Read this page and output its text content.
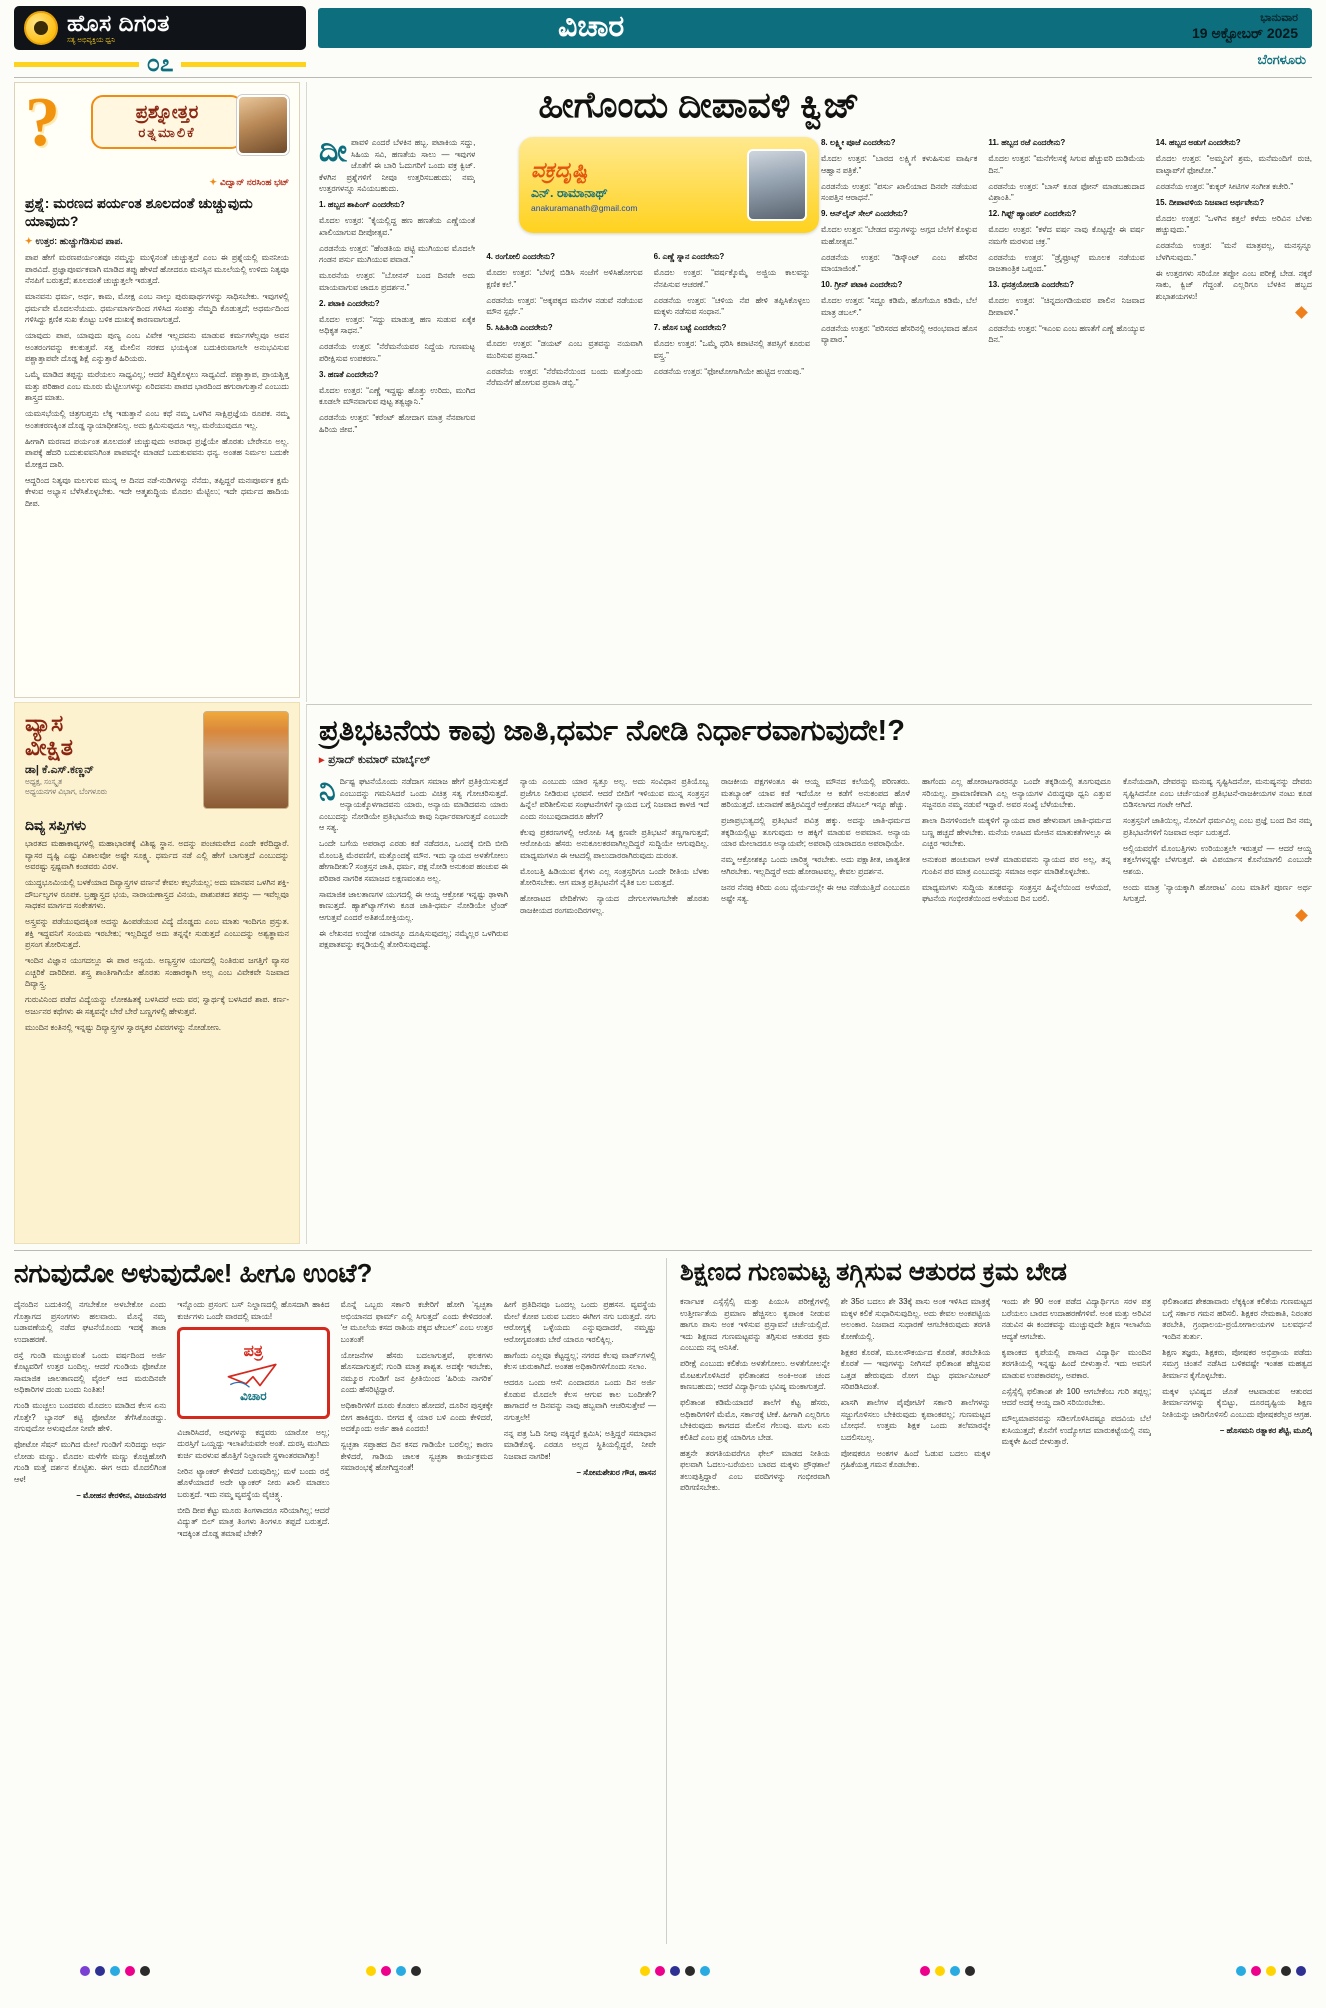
ಹೊಸ ದಿಗಂತ
ಸತ್ಯ ಅಭಿವ್ಯಕ್ತಿಯ ಧ್ವನಿ
೦೭
ವಿಚಾರ	ಭಾನುವಾರ
19 ಅಕ್ಟೋಬರ್ 2025
ಬೆಂಗಳೂರು
?	ಪ್ರಶ್ನೋತ್ತರ
ರತ್ನಮಾಲಿಕೆ
✦ ವಿದ್ವಾನ್ ನರಸಿಂಹ ಭಟ್
ಪ್ರಶ್ನೆ: ಮರಣದ ಪರ್ಯಂತ ಶೂಲದಂತೆ ಚುಚ್ಚುವುದು ಯಾವುದು?

✦ ಉತ್ತರ: ಹುಚ್ಚುಗೆಡಿಸುವ ಪಾಪ.

ಪಾಪ ಹೇಗೆ ಮರಣಪರ್ಯಂತವೂ ನಮ್ಮನ್ನು ಮುಳ್ಳಿನಂತೆ ಚುಚ್ಚುತ್ತದೆ ಎಂಬ ಈ ಪ್ರಶ್ನೆಯಲ್ಲಿ ಮನನೀಯ ಪಾಠವಿದೆ. ಪ್ರಜ್ಞಾಪೂರ್ವಕವಾಗಿ ಮಾಡಿದ ತಪ್ಪು ಹೇಳದೆ ಹೋದರೂ ಮನಸ್ಸಿನ ಮೂಲೆಯಲ್ಲಿ ಉಳಿದು ನಿತ್ಯವೂ ನೆನಪಿಗೆ ಬರುತ್ತದೆ; ಶೂಲದಂತೆ ಚುಚ್ಚುತ್ತಲೇ ಇರುತ್ತದೆ.

ಮಾನವನು ಧರ್ಮ, ಅರ್ಥ, ಕಾಮ, ಮೋಕ್ಷ ಎಂಬ ನಾಲ್ಕು ಪುರುಷಾರ್ಥಗಳನ್ನು ಸಾಧಿಸಬೇಕು. ಇವುಗಳಲ್ಲಿ ಧರ್ಮವೇ ಮೊದಲನೆಯದು. ಧರ್ಮಮಾರ್ಗದಿಂದ ಗಳಿಸಿದ ಸಂಪತ್ತು ನೆಮ್ಮದಿ ಕೊಡುತ್ತದೆ; ಅಧರ್ಮದಿಂದ ಗಳಿಸಿದ್ದು ಕ್ಷಣಿಕ ಸುಖ ಕೊಟ್ಟು ಬಳಿಕ ದುಃಖಕ್ಕೆ ಕಾರಣವಾಗುತ್ತದೆ.

ಯಾವುದು ಪಾಪ, ಯಾವುದು ಪುಣ್ಯ ಎಂಬ ವಿವೇಕ ಇಲ್ಲದವನು ಮಾಡುವ ಕರ್ಮಗಳೆಲ್ಲವೂ ಅವನ ಅಂತರಂಗವನ್ನು ಕಲಕುತ್ತವೆ. ಸತ್ತ ಮೇಲಿನ ನರಕದ ಭಯಕ್ಕಿಂತ ಬದುಕಿರುವಾಗಲೇ ಅನುಭವಿಸುವ ಪಶ್ಚಾತ್ತಾಪವೇ ದೊಡ್ಡ ಶಿಕ್ಷೆ ಎನ್ನುತ್ತಾರೆ ಹಿರಿಯರು.

ಒಮ್ಮೆ ಮಾಡಿದ ತಪ್ಪನ್ನು ಮರೆಯಲು ಸಾಧ್ಯವಿಲ್ಲ; ಆದರೆ ತಿದ್ದಿಕೊಳ್ಳಲು ಸಾಧ್ಯವಿದೆ. ಪಶ್ಚಾತ್ತಾಪ, ಪ್ರಾಯಶ್ಚಿತ್ತ ಮತ್ತು ಪರಿಹಾರ ಎಂಬ ಮೂರು ಮೆಟ್ಟಿಲುಗಳನ್ನು ಏರಿದವನು ಪಾಪದ ಭಾರದಿಂದ ಹಗುರಾಗುತ್ತಾನೆ ಎಂಬುದು ಶಾಸ್ತ್ರದ ಮಾತು.

ಯಮಸಭೆಯಲ್ಲಿ ಚಿತ್ರಗುಪ್ತನು ಲೆಕ್ಕ ಇಡುತ್ತಾನೆ ಎಂಬ ಕಥೆ ನಮ್ಮ ಒಳಗಿನ ಸಾಕ್ಷಿಪ್ರಜ್ಞೆಯ ರೂಪಕ. ನಮ್ಮ ಅಂತಃಕರಣಕ್ಕಿಂತ ದೊಡ್ಡ ನ್ಯಾಯಾಧೀಶನಿಲ್ಲ. ಅದು ಕ್ಷಮಿಸುವುದೂ ಇಲ್ಲ, ಮರೆಯುವುದೂ ಇಲ್ಲ.

ಹೀಗಾಗಿ ಮರಣದ ಪರ್ಯಂತ ಶೂಲದಂತೆ ಚುಚ್ಚುವುದು ಅಪರಾಧ ಪ್ರಜ್ಞೆಯೇ ಹೊರತು ಬೇರೇನೂ ಅಲ್ಲ. ಪಾಪಕ್ಕೆ ಹೆದರಿ ಬದುಕುವವನಿಗಿಂತ ಪಾಪವನ್ನೇ ಮಾಡದೆ ಬದುಕುವವನು ಧನ್ಯ. ಅಂತಹ ನಿರ್ಮಲ ಬದುಕೇ ಮೋಕ್ಷದ ದಾರಿ.

ಆದ್ದರಿಂದ ನಿತ್ಯವೂ ಮಲಗುವ ಮುನ್ನ ಆ ದಿನದ ನಡೆ-ನುಡಿಗಳನ್ನು ನೆನೆದು, ತಪ್ಪಿದ್ದರೆ ಮನಃಪೂರ್ವಕ ಕ್ಷಮೆ ಕೇಳುವ ಅಭ್ಯಾಸ ಬೆಳೆಸಿಕೊಳ್ಳಬೇಕು. ಇದೇ ಆತ್ಮಶುದ್ಧಿಯ ಮೊದಲ ಮೆಟ್ಟಿಲು; ಇದೇ ಧರ್ಮದ ಹಾದಿಯ ದೀಪ.

ವ್ಯಾಸ
ವೀಕ್ಷಿತ
ಡಾ| ಕೆ.ಎಸ್.ಕಣ್ಣನ್
ಅಧ್ಯಕ್ಷ, ಸಂಸ್ಕೃತ
ಅಧ್ಯಯನಗಳ ವಿಭಾಗ, ಬೆಂಗಳೂರು
ದಿವ್ಯ ಸಪ್ತಿಗಳು

ಭಾರತದ ಮಹಾಕಾವ್ಯಗಳಲ್ಲಿ ಮಹಾಭಾರತಕ್ಕೆ ವಿಶಿಷ್ಟ ಸ್ಥಾನ. ಅದನ್ನು ಪಂಚಮವೇದ ಎಂದೇ ಕರೆದಿದ್ದಾರೆ. ವ್ಯಾಸರ ದೃಷ್ಟಿ ಎಷ್ಟು ವಿಶಾಲವೋ ಅಷ್ಟೇ ಸೂಕ್ಷ್ಮ. ಧರ್ಮದ ನಡೆ ಎಲ್ಲಿ ಹೇಗೆ ಬಾಗುತ್ತದೆ ಎಂಬುದನ್ನು ಅವರಷ್ಟು ಸ್ಪಷ್ಟವಾಗಿ ಕಂಡವರು ವಿರಳ.

ಯುದ್ಧಭೂಮಿಯಲ್ಲಿ ಬಳಕೆಯಾದ ದಿವ್ಯಾಸ್ತ್ರಗಳ ವರ್ಣನೆ ಕೇವಲ ಕಲ್ಪನೆಯಲ್ಲ; ಅದು ಮಾನವನ ಒಳಗಿನ ಶಕ್ತಿ-ದೌರ್ಬಲ್ಯಗಳ ರೂಪಕ. ಬ್ರಹ್ಮಾಸ್ತ್ರದ ಭಯ, ನಾರಾಯಣಾಸ್ತ್ರದ ವಿನಯ, ಪಾಶುಪತದ ತಪಸ್ಸು — ಇವೆಲ್ಲವೂ ಸಾಧಕನ ಮಾರ್ಗದ ಸಂಕೇತಗಳು.

ಅಸ್ತ್ರವನ್ನು ಪಡೆಯುವುದಕ್ಕಿಂತ ಅದನ್ನು ಹಿಂಪಡೆಯುವ ವಿದ್ಯೆ ದೊಡ್ಡದು ಎಂಬ ಮಾತು ಇಂದಿಗೂ ಪ್ರಸ್ತುತ. ಶಕ್ತಿ ಇದ್ದವನಿಗೆ ಸಂಯಮ ಇರಬೇಕು; ಇಲ್ಲದಿದ್ದರೆ ಅದು ತನ್ನನ್ನೇ ಸುಡುತ್ತದೆ ಎಂಬುದನ್ನು ಅಶ್ವತ್ಥಾಮನ ಪ್ರಸಂಗ ತೋರಿಸುತ್ತದೆ.

ಇಂದಿನ ವಿಜ್ಞಾನ ಯುಗದಲ್ಲೂ ಈ ಪಾಠ ಅನ್ವಯ. ಅಣ್ವಸ್ತ್ರಗಳ ಯುಗದಲ್ಲಿ ನಿಂತಿರುವ ಜಗತ್ತಿಗೆ ವ್ಯಾಸರ ಎಚ್ಚರಿಕೆ ದಾರಿದೀಪ. ಶಸ್ತ್ರ ಶಾಂತಿಗಾಗಿಯೇ ಹೊರತು ಸಂಹಾರಕ್ಕಾಗಿ ಅಲ್ಲ ಎಂಬ ವಿವೇಕವೇ ನಿಜವಾದ ದಿವ್ಯಾಸ್ತ್ರ.

ಗುರುವಿನಿಂದ ಪಡೆದ ವಿದ್ಯೆಯನ್ನು ಲೋಕಹಿತಕ್ಕೆ ಬಳಸಿದರೆ ಅದು ವರ; ಸ್ವಾರ್ಥಕ್ಕೆ ಬಳಸಿದರೆ ಶಾಪ. ಕರ್ಣ-ಅರ್ಜುನರ ಕಥೆಗಳು ಈ ಸತ್ಯವನ್ನೇ ಬೇರೆ ಬೇರೆ ಬಣ್ಣಗಳಲ್ಲಿ ಹೇಳುತ್ತವೆ.

ಮುಂದಿನ ಕಂತಿನಲ್ಲಿ ಇನ್ನಷ್ಟು ದಿವ್ಯಾಸ್ತ್ರಗಳ ಸ್ವಾರಸ್ಯಕರ ವಿವರಗಳನ್ನು ನೋಡೋಣ.

ಹೀಗೊಂದು ದೀಪಾವಳಿ ಕ್ವಿಜ್
ವಕ್ರದೃಷ್ಟಿ
ಎನ್. ರಾಮಾನಾಥ್
anakuramanath@gmail.com

ದೀಪಾವಳಿ ಎಂದರೆ ಬೆಳಕಿನ ಹಬ್ಬ. ಪಟಾಕಿಯ ಸದ್ದು, ಸಿಹಿಯ ಸವಿ, ಹಣತೆಯ ಸಾಲು — ಇವುಗಳ ಜೊತೆಗೆ ಈ ಬಾರಿ ಓದುಗರಿಗೆ ಒಂದು ವಕ್ರ ಕ್ವಿಜ್. ಕೆಳಗಿನ ಪ್ರಶ್ನೆಗಳಿಗೆ ನೀವೂ ಉತ್ತರಿಸಬಹುದು; ನಮ್ಮ ಉತ್ತರಗಳನ್ನೂ ಸವಿಯಬಹುದು.

1. ಹಬ್ಬದ ಶಾಪಿಂಗ್ ಎಂದರೇನು?

ಮೊದಲ ಉತ್ತರ: “ಕೈಯಲ್ಲಿದ್ದ ಹಣ ಹಣತೆಯ ಎಣ್ಣೆಯಂತೆ ಖಾಲಿಯಾಗುವ ದೀಪೋತ್ಸವ.”

ಎರಡನೆಯ ಉತ್ತರ: “ಹೆಂಡತಿಯ ಪಟ್ಟಿ ಮುಗಿಯುವ ಮೊದಲೇ ಗಂಡನ ಪರ್ಸು ಮುಗಿಯುವ ಪವಾಡ.”

ಮೂರನೆಯ ಉತ್ತರ: “ಬೋನಸ್ ಬಂದ ದಿನವೇ ಅದು ಮಾಯವಾಗುವ ಜಾದೂ ಪ್ರದರ್ಶನ.”

2. ಪಟಾಕಿ ಎಂದರೇನು?

ಮೊದಲ ಉತ್ತರ: “ಸದ್ದು ಮಾಡುತ್ತ ಹಣ ಸುಡುವ ಏಕೈಕ ಅಧಿಕೃತ ಸಾಧನ.”

ಎರಡನೆಯ ಉತ್ತರ: “ನೆರೆಮನೆಯವರ ನಿದ್ದೆಯ ಗುಣಮಟ್ಟ ಪರೀಕ್ಷಿಸುವ ಉಪಕರಣ.”

3. ಹಣತೆ ಎಂದರೇನು?

ಮೊದಲ ಉತ್ತರ: “ಎಣ್ಣೆ ಇದ್ದಷ್ಟು ಹೊತ್ತು ಉರಿದು, ಮುಗಿದ ಕೂಡಲೇ ಮೌನವಾಗುವ ಪುಟ್ಟ ತತ್ವಜ್ಞಾನಿ.”

ಎರಡನೆಯ ಉತ್ತರ: “ಕರೆಂಟ್ ಹೋದಾಗ ಮಾತ್ರ ನೆನಪಾಗುವ ಹಿರಿಯ ಜೀವ.”

4. ರಂಗೋಲಿ ಎಂದರೇನು?

ಮೊದಲ ಉತ್ತರ: “ಬೆಳಗ್ಗೆ ಬಿಡಿಸಿ ಸಂಜೆಗೆ ಅಳಿಸಿಹೋಗುವ ಕ್ಷಣಿಕ ಕಲೆ.”

ಎರಡನೆಯ ಉತ್ತರ: “ಅಕ್ಕಪಕ್ಕದ ಮನೆಗಳ ನಡುವೆ ನಡೆಯುವ ಮೌನ ಸ್ಪರ್ಧೆ.”

5. ಸಿಹಿತಿಂಡಿ ಎಂದರೇನು?

ಮೊದಲ ಉತ್ತರ: “ಡಯಟ್ ಎಂಬ ವ್ರತವನ್ನು ನಯವಾಗಿ ಮುರಿಸುವ ಪ್ರಸಾದ.”

ಎರಡನೆಯ ಉತ್ತರ: “ನೆರೆಮನೆಯಿಂದ ಬಂದು ಮತ್ತೊಂದು ನೆರೆಮನೆಗೆ ಹೋಗುವ ಪ್ರವಾಸಿ ಡಬ್ಬಿ.”

6. ಎಣ್ಣೆ ಸ್ನಾನ ಎಂದರೇನು?

ಮೊದಲ ಉತ್ತರ: “ವರ್ಷಕ್ಕೊಮ್ಮೆ ಅಜ್ಜಿಯ ಕಾಲವನ್ನು ನೆನಪಿಸುವ ಆಚರಣೆ.”

ಎರಡನೆಯ ಉತ್ತರ: “ಚಳಿಯ ನೆಪ ಹೇಳಿ ತಪ್ಪಿಸಿಕೊಳ್ಳಲು ಮಕ್ಕಳು ನಡೆಸುವ ಸಂಧಾನ.”

7. ಹೊಸ ಬಟ್ಟೆ ಎಂದರೇನು?

ಮೊದಲ ಉತ್ತರ: “ಒಮ್ಮೆ ಧರಿಸಿ ಕಪಾಟಿನಲ್ಲಿ ತಪಸ್ಸಿಗೆ ಕೂರುವ ವಸ್ತ್ರ.”

ಎರಡನೆಯ ಉತ್ತರ: “ಫೋಟೋಗಾಗಿಯೇ ಹುಟ್ಟಿದ ಉಡುಪು.”

8. ಲಕ್ಷ್ಮೀ ಪೂಜೆ ಎಂದರೇನು?

ಮೊದಲ ಉತ್ತರ: “ಬಾರದ ಲಕ್ಷ್ಮಿಗೆ ಕಳುಹಿಸುವ ವಾರ್ಷಿಕ ಆಹ್ವಾನ ಪತ್ರಿಕೆ.”

ಎರಡನೆಯ ಉತ್ತರ: “ಪರ್ಸು ಖಾಲಿಯಾದ ದಿನವೇ ನಡೆಯುವ ಸಂಪತ್ತಿನ ಆರಾಧನೆ.”

9. ಆನ್‌ಲೈನ್ ಸೇಲ್ ಎಂದರೇನು?

ಮೊದಲ ಉತ್ತರ: “ಬೇಡದ ವಸ್ತುಗಳನ್ನು ಅಗ್ಗದ ಬೆಲೆಗೆ ಕೊಳ್ಳುವ ಮಹೋತ್ಸವ.”

ಎರಡನೆಯ ಉತ್ತರ: “ಡಿಸ್ಕೌಂಟ್ ಎಂಬ ಹೆಸರಿನ ಮಾಯಾಜಿಂಕೆ.”

10. ಗ್ರೀನ್ ಪಟಾಕಿ ಎಂದರೇನು?

ಮೊದಲ ಉತ್ತರ: “ಸದ್ದೂ ಕಡಿಮೆ, ಹೊಗೆಯೂ ಕಡಿಮೆ, ಬೆಲೆ ಮಾತ್ರ ಡಬಲ್.”

ಎರಡನೆಯ ಉತ್ತರ: “ಪರಿಸರದ ಹೆಸರಿನಲ್ಲಿ ಆರಂಭವಾದ ಹೊಸ ವ್ಯಾಪಾರ.”

11. ಹಬ್ಬದ ರಜೆ ಎಂದರೇನು?

ಮೊದಲ ಉತ್ತರ: “ಮನೆಗೆಲಸಕ್ಕೆ ಸಿಗುವ ಹೆಚ್ಚುವರಿ ದುಡಿಮೆಯ ದಿನ.”

ಎರಡನೆಯ ಉತ್ತರ: “ಬಾಸ್ ಕೂಡ ಫೋನ್ ಮಾಡಬಹುದಾದ ವಿಶ್ರಾಂತಿ.”

12. ಗಿಫ್ಟ್ ಹ್ಯಾಂಪರ್ ಎಂದರೇನು?

ಮೊದಲ ಉತ್ತರ: “ಕಳೆದ ವರ್ಷ ನಾವು ಕೊಟ್ಟದ್ದೇ ಈ ವರ್ಷ ನಮಗೇ ಮರಳುವ ಚಕ್ರ.”

ಎರಡನೆಯ ಉತ್ತರ: “ಡ್ರೈಫ್ರೂಟ್ಸ್ ಮೂಲಕ ನಡೆಯುವ ರಾಜತಾಂತ್ರಿಕ ಒಪ್ಪಂದ.”

13. ಧನತ್ರಯೋದಶಿ ಎಂದರೇನು?

ಮೊದಲ ಉತ್ತರ: “ಚಿನ್ನದಂಗಡಿಯವರ ಪಾಲಿನ ನಿಜವಾದ ದೀಪಾವಳಿ.”

ಎರಡನೆಯ ಉತ್ತರ: “ಇಎಂಐ ಎಂಬ ಹಣತೆಗೆ ಎಣ್ಣೆ ಹೊಯ್ಯುವ ದಿನ.”

14. ಹಬ್ಬದ ಅಡುಗೆ ಎಂದರೇನು?

ಮೊದಲ ಉತ್ತರ: “ಅಮ್ಮನಿಗೆ ಶ್ರಮ, ಮನೆಮಂದಿಗೆ ರುಚಿ, ವಾಟ್ಸಾಪ್‌ಗೆ ಫೋಟೋ.”

ಎರಡನೆಯ ಉತ್ತರ: “ಕುಕ್ಕರ್ ಸೀಟಿಗಳ ಸಂಗೀತ ಕಚೇರಿ.”

15. ದೀಪಾವಳಿಯ ನಿಜವಾದ ಅರ್ಥವೇನು?

ಮೊದಲ ಉತ್ತರ: “ಒಳಗಿನ ಕತ್ತಲೆ ಕಳೆದು ಅರಿವಿನ ಬೆಳಕು ಹಚ್ಚುವುದು.”

ಎರಡನೆಯ ಉತ್ತರ: “ಮನೆ ಮಾತ್ರವಲ್ಲ, ಮನಸ್ಸನ್ನೂ ಬೆಳಗಿಸುವುದು.”

ಈ ಉತ್ತರಗಳು ಸರಿಯೋ ತಪ್ಪೋ ಎಂಬ ಪರೀಕ್ಷೆ ಬೇಡ. ನಕ್ಕರೆ ಸಾಕು, ಕ್ವಿಜ್ ಗೆದ್ದಂತೆ. ಎಲ್ಲರಿಗೂ ಬೆಳಕಿನ ಹಬ್ಬದ ಶುಭಾಶಯಗಳು!

ಪ್ರತಿಭಟನೆಯ ಕಾವು ಜಾತಿ,ಧರ್ಮ ನೋಡಿ ನಿರ್ಧಾರವಾಗುವುದೇ!?
▸ ಪ್ರಸಾದ್ ಕುಮಾರ್ ಮಾರ್ಬೈಲ್

ನಿರ್ದಿಷ್ಟ ಘಟನೆಯೊಂದು ನಡೆದಾಗ ಸಮಾಜ ಹೇಗೆ ಪ್ರತಿಕ್ರಿಯಿಸುತ್ತದೆ ಎಂಬುದನ್ನು ಗಮನಿಸಿದರೆ ಒಂದು ವಿಚಿತ್ರ ಸತ್ಯ ಗೋಚರಿಸುತ್ತದೆ. ಅನ್ಯಾಯಕ್ಕೊಳಗಾದವನು ಯಾರು, ಅನ್ಯಾಯ ಮಾಡಿದವನು ಯಾರು ಎಂಬುದನ್ನು ನೋಡಿಯೇ ಪ್ರತಿಭಟನೆಯ ಕಾವು ನಿರ್ಧಾರವಾಗುತ್ತದೆ ಎಂಬುದೇ ಆ ಸತ್ಯ.

ಒಂದೇ ಬಗೆಯ ಅಪರಾಧ ಎರಡು ಕಡೆ ನಡೆದರೂ, ಒಂದಕ್ಕೆ ಬೀದಿ ಬೀದಿ ಮೊಂಬತ್ತಿ ಮೆರವಣಿಗೆ, ಮತ್ತೊಂದಕ್ಕೆ ಮೌನ. ಇದು ನ್ಯಾಯದ ಅಳತೆಗೋಲು ಹೇಗಾದೀತು? ಸಂತ್ರಸ್ತನ ಜಾತಿ, ಧರ್ಮ, ಪಕ್ಷ ನೋಡಿ ಅನುಕಂಪ ಹಂಚುವ ಈ ಪರಿಪಾಠ ನಾಗರಿಕ ಸಮಾಜದ ಲಕ್ಷಣವಂತೂ ಅಲ್ಲ.

ಸಾಮಾಜಿಕ ಜಾಲತಾಣಗಳ ಯುಗದಲ್ಲಿ ಈ ಆಯ್ದ ಆಕ್ರೋಶ ಇನ್ನಷ್ಟು ಢಾಳಾಗಿ ಕಾಣುತ್ತದೆ. ಹ್ಯಾಶ್‌ಟ್ಯಾಗ್‌ಗಳು ಕೂಡ ಜಾತಿ-ಧರ್ಮ ನೋಡಿಯೇ ಟ್ರೆಂಡ್ ಆಗುತ್ತವೆ ಎಂದರೆ ಅತಿಶಯೋಕ್ತಿಯಲ್ಲ.

ಈ ಲೇಖನದ ಉದ್ದೇಶ ಯಾರನ್ನೂ ದೂಷಿಸುವುದಲ್ಲ; ನಮ್ಮೆಲ್ಲರ ಒಳಗಿರುವ ಪಕ್ಷಪಾತವನ್ನು ಕನ್ನಡಿಯಲ್ಲಿ ತೋರಿಸುವುದಷ್ಟೆ.

ನ್ಯಾಯ ಎಂಬುದು ಯಾರ ಸ್ವತ್ತೂ ಅಲ್ಲ. ಅದು ಸಂವಿಧಾನ ಪ್ರತಿಯೊಬ್ಬ ಪ್ರಜೆಗೂ ನೀಡಿರುವ ಭರವಸೆ. ಆದರೆ ಬೀದಿಗೆ ಇಳಿಯುವ ಮುನ್ನ ಸಂತ್ರಸ್ತನ ಹಿನ್ನೆಲೆ ಪರಿಶೀಲಿಸುವ ಸಂಘಟನೆಗಳಿಗೆ ನ್ಯಾಯದ ಬಗ್ಗೆ ನಿಜವಾದ ಕಾಳಜಿ ಇದೆ ಎಂದು ನಂಬುವುದಾದರೂ ಹೇಗೆ?

ಕೆಲವು ಪ್ರಕರಣಗಳಲ್ಲಿ ಆರೋಪಿ ಸಿಕ್ಕ ಕ್ಷಣವೇ ಪ್ರತಿಭಟನೆ ತಣ್ಣಗಾಗುತ್ತದೆ; ಆರೋಪಿಯ ಹೆಸರು ಅನುಕೂಲಕರವಾಗಿಲ್ಲದಿದ್ದರೆ ಸುದ್ದಿಯೇ ಆಗುವುದಿಲ್ಲ. ಮಾಧ್ಯಮಗಳೂ ಈ ಆಟದಲ್ಲಿ ಪಾಲುದಾರರಾಗಿರುವುದು ದುರಂತ.

ಮೊಂಬತ್ತಿ ಹಿಡಿಯುವ ಕೈಗಳು ಎಲ್ಲ ಸಂತ್ರಸ್ತರಿಗೂ ಒಂದೇ ರೀತಿಯ ಬೆಳಕು ತೋರಿಸಬೇಕು. ಆಗ ಮಾತ್ರ ಪ್ರತಿಭಟನೆಗೆ ನೈತಿಕ ಬಲ ಬರುತ್ತದೆ.

ಹೋರಾಟದ ವೇದಿಕೆಗಳು ನ್ಯಾಯದ ದೇಗುಲಗಳಾಗಬೇಕೇ ಹೊರತು ರಾಜಕೀಯದ ರಂಗಮಂದಿರಗಳಲ್ಲ.

ರಾಜಕೀಯ ಪಕ್ಷಗಳಂತೂ ಈ ಆಯ್ದ ಮೌನದ ಕಲೆಯಲ್ಲಿ ಪರಿಣತರು. ಮತಬ್ಯಾಂಕ್ ಯಾವ ಕಡೆ ಇದೆಯೋ ಆ ಕಡೆಗೆ ಅನುಕಂಪದ ಹೊಳೆ ಹರಿಯುತ್ತದೆ. ಚುನಾವಣೆ ಹತ್ತಿರವಿದ್ದರೆ ಆಕ್ರೋಶದ ಡೆಸಿಬಲ್ ಇನ್ನೂ ಹೆಚ್ಚು.

ಪ್ರಜಾಪ್ರಭುತ್ವದಲ್ಲಿ ಪ್ರತಿಭಟನೆ ಪವಿತ್ರ ಹಕ್ಕು. ಅದನ್ನು ಜಾತಿ-ಧರ್ಮದ ತಕ್ಕಡಿಯಲ್ಲಿಟ್ಟು ತೂಗುವುದು ಆ ಹಕ್ಕಿಗೆ ಮಾಡುವ ಅಪಮಾನ. ಅನ್ಯಾಯ ಯಾರ ಮೇಲಾದರೂ ಅನ್ಯಾಯವೇ; ಅಪರಾಧಿ ಯಾರಾದರೂ ಅಪರಾಧಿಯೇ.

ನಮ್ಮ ಆಕ್ರೋಶಕ್ಕೂ ಒಂದು ಚಾರಿತ್ರ್ಯ ಇರಬೇಕು. ಅದು ಪಕ್ಷಾತೀತ, ಜಾತ್ಯತೀತ ಆಗಿರಬೇಕು. ಇಲ್ಲದಿದ್ದರೆ ಅದು ಹೋರಾಟವಲ್ಲ, ಕೇವಲ ಪ್ರದರ್ಶನ.

ಜನರ ನೆನಪು ಕಿರಿದು ಎಂಬ ಧೈರ್ಯದಲ್ಲೇ ಈ ಆಟ ನಡೆಯುತ್ತಿದೆ ಎಂಬುದೂ ಅಷ್ಟೇ ಸತ್ಯ.

ಹಾಗೆಂದು ಎಲ್ಲ ಹೋರಾಟಗಾರರನ್ನೂ ಒಂದೇ ತಕ್ಕಡಿಯಲ್ಲಿ ತೂಗುವುದೂ ಸರಿಯಲ್ಲ. ಪ್ರಾಮಾಣಿಕವಾಗಿ ಎಲ್ಲ ಅನ್ಯಾಯಗಳ ವಿರುದ್ಧವೂ ಧ್ವನಿ ಎತ್ತುವ ಸಜ್ಜನರೂ ನಮ್ಮ ನಡುವೆ ಇದ್ದಾರೆ. ಅವರ ಸಂಖ್ಯೆ ಬೆಳೆಯಬೇಕು.

ಶಾಲಾ ದಿನಗಳಿಂದಲೇ ಮಕ್ಕಳಿಗೆ ನ್ಯಾಯದ ಪಾಠ ಹೇಳುವಾಗ ಜಾತಿ-ಧರ್ಮದ ಬಣ್ಣ ಹಚ್ಚದೆ ಹೇಳಬೇಕು. ಮನೆಯ ಊಟದ ಮೇಜಿನ ಮಾತುಕತೆಗಳಲ್ಲೂ ಈ ಎಚ್ಚರ ಇರಬೇಕು.

ಅನುಕಂಪ ಹಂಚುವಾಗ ಅಳತೆ ಮಾಡುವವನು ನ್ಯಾಯದ ಪರ ಅಲ್ಲ, ತನ್ನ ಗುಂಪಿನ ಪರ ಮಾತ್ರ ಎಂಬುದನ್ನು ಸಮಾಜ ಅರ್ಥ ಮಾಡಿಕೊಳ್ಳಬೇಕು.

ಮಾಧ್ಯಮಗಳು ಸುದ್ದಿಯ ತೂಕವನ್ನು ಸಂತ್ರಸ್ತನ ಹಿನ್ನೆಲೆಯಿಂದ ಅಳೆಯದೆ, ಘಟನೆಯ ಗಂಭೀರತೆಯಿಂದ ಅಳೆಯುವ ದಿನ ಬರಲಿ.

ಕೊನೆಯದಾಗಿ, ದೇವರನ್ನು ಮನುಷ್ಯ ಸೃಷ್ಟಿಸಿದನೋ, ಮನುಷ್ಯನನ್ನು ದೇವರು ಸೃಷ್ಟಿಸಿದನೋ ಎಂಬ ಚರ್ಚೆಯಂತೆ ಪ್ರತಿಭಟನೆ-ರಾಜಕೀಯಗಳ ನಂಟು ಕೂಡ ಬಿಡಿಸಲಾಗದ ಗಂಟೇ ಆಗಿದೆ.

ಸಂತ್ರಸ್ತನಿಗೆ ಜಾತಿಯಿಲ್ಲ, ನೋವಿಗೆ ಧರ್ಮವಿಲ್ಲ ಎಂಬ ಪ್ರಜ್ಞೆ ಬಂದ ದಿನ ನಮ್ಮ ಪ್ರತಿಭಟನೆಗಳಿಗೆ ನಿಜವಾದ ಅರ್ಥ ಬರುತ್ತದೆ.

ಅಲ್ಲಿಯವರೆಗೆ ಮೊಂಬತ್ತಿಗಳು ಉರಿಯುತ್ತಲೇ ಇರುತ್ತವೆ — ಆದರೆ ಆಯ್ದ ಕತ್ತಲೆಗಳನ್ನಷ್ಟೇ ಬೆಳಗುತ್ತವೆ. ಈ ವಿಪರ್ಯಾಸ ಕೊನೆಯಾಗಲಿ ಎಂಬುದೇ ಆಶಯ.

ಅಂದು ಮಾತ್ರ ‘ನ್ಯಾಯಕ್ಕಾಗಿ ಹೋರಾಟ’ ಎಂಬ ಮಾತಿಗೆ ಪೂರ್ಣ ಅರ್ಥ ಸಿಗುತ್ತದೆ.

ನಗುವುದೋ ಅಳುವುದೋ! ಹೀಗೂ ಉಂಟೆ?

ದೈನಂದಿನ ಬದುಕಿನಲ್ಲಿ ನಗಬೇಕೋ ಅಳಬೇಕೋ ಎಂದು ಗೊತ್ತಾಗದ ಪ್ರಸಂಗಗಳು ಹಲವಾರು. ಮೊನ್ನೆ ನಮ್ಮ ಬಡಾವಣೆಯಲ್ಲಿ ನಡೆದ ಘಟನೆಯೊಂದು ಇದಕ್ಕೆ ತಾಜಾ ಉದಾಹರಣೆ.

ರಸ್ತೆ ಗುಂಡಿ ಮುಚ್ಚುವಂತೆ ಒಂದು ವರ್ಷದಿಂದ ಅರ್ಜಿ ಕೊಟ್ಟವರಿಗೆ ಉತ್ತರ ಬಂದಿಲ್ಲ. ಆದರೆ ಗುಂಡಿಯ ಫೋಟೋ ಸಾಮಾಜಿಕ ಜಾಲತಾಣದಲ್ಲಿ ವೈರಲ್ ಆದ ಮರುದಿನವೇ ಅಧಿಕಾರಿಗಳ ದಂಡು ಬಂದು ನಿಂತಿತು!

ಗುಂಡಿ ಮುಚ್ಚಲು ಬಂದವರು ಮೊದಲು ಮಾಡಿದ ಕೆಲಸ ಏನು ಗೊತ್ತೇ? ಬ್ಯಾನರ್ ಕಟ್ಟಿ ಫೋಟೋ ತೆಗೆಸಿಕೊಂಡದ್ದು. ನಗುವುದೋ ಅಳುವುದೋ ನೀವೇ ಹೇಳಿ.

ಫೋಟೋ ಸೆಷನ್ ಮುಗಿದ ಮೇಲೆ ಗುಂಡಿಗೆ ಸುರಿದದ್ದು ಅರ್ಧ ಲೋಡು ಮಣ್ಣು. ಮೊದಲ ಮಳೆಗೇ ಮಣ್ಣು ಕೊಚ್ಚಿಹೋಗಿ ಗುಂಡಿ ಮತ್ತೆ ದರ್ಶನ ಕೊಟ್ಟಿತು. ಈಗ ಅದು ಮೊದಲಿಗಿಂತ ಆಳ!

– ಮೋಹನ ಕೇರಳೀನ, ವಿಜಯನಗರ

ಇನ್ನೊಂದು ಪ್ರಸಂಗ: ಬಸ್ ನಿಲ್ದಾಣದಲ್ಲಿ ಹೊಸದಾಗಿ ಹಾಕಿದ ಕುರ್ಚಿಗಳು ಒಂದೇ ವಾರದಲ್ಲಿ ಮಾಯ!

ಪತ್ರ
ವಿಚಾರ

ವಿಚಾರಿಸಿದರೆ, ಅವುಗಳನ್ನು ಕದ್ದವರು ಯಾರೋ ಅಲ್ಲ; ದುರಸ್ತಿಗೆ ಒಯ್ದದ್ದು ಇಲಾಖೆಯವರೇ ಅಂತೆ. ದುರಸ್ತಿ ಮುಗಿದು ಕುರ್ಚಿ ಮರಳುವ ಹೊತ್ತಿಗೆ ನಿಲ್ದಾಣವೇ ಸ್ಥಳಾಂತರವಾಗಿತ್ತು!

ನೀರಿನ ಟ್ಯಾಂಕರ್ ಕೇಳಿದರೆ ಬರುವುದಿಲ್ಲ; ಮಳೆ ಬಂದು ರಸ್ತೆ ಹೊಳೆಯಾದರೆ ಅದೇ ಟ್ಯಾಂಕರ್ ನೀರು ಖಾಲಿ ಮಾಡಲು ಬರುತ್ತದೆ. ಇದು ನಮ್ಮ ವ್ಯವಸ್ಥೆಯ ವೈಚಿತ್ರ್ಯ.

ಬೀದಿ ದೀಪ ಕೆಟ್ಟು ಮೂರು ತಿಂಗಳಾದರೂ ಸರಿಯಾಗಿಲ್ಲ; ಆದರೆ ವಿದ್ಯುತ್ ಬಿಲ್ ಮಾತ್ರ ತಿಂಗಳು ತಿಂಗಳೂ ತಪ್ಪದೆ ಬರುತ್ತದೆ. ಇದಕ್ಕಿಂತ ದೊಡ್ಡ ತಮಾಷೆ ಬೇಕೇ?

ಮೊನ್ನೆ ಒಬ್ಬರು ಸರ್ಕಾರಿ ಕಚೇರಿಗೆ ಹೋಗಿ ‘ಸ್ವಚ್ಛತಾ ಅಭಿಯಾನದ ಫಾರ್ಮ್ ಎಲ್ಲಿ ಸಿಗುತ್ತದೆ’ ಎಂದು ಕೇಳಿದರಂತೆ. ‘ಆ ಮೂಲೆಯ ಕಸದ ರಾಶಿಯ ಪಕ್ಕದ ಟೇಬಲ್’ ಎಂಬ ಉತ್ತರ ಬಂತಂತೆ!

ಯೋಜನೆಗಳ ಹೆಸರು ಬದಲಾಗುತ್ತವೆ, ಫಲಕಗಳು ಹೊಸದಾಗುತ್ತವೆ; ಗುಂಡಿ ಮಾತ್ರ ಶಾಶ್ವತ. ಅದಕ್ಕೇ ಇರಬೇಕು, ನಮ್ಮೂರ ಗುಂಡಿಗೆ ಜನ ಪ್ರೀತಿಯಿಂದ ‘ಹಿರಿಯ ನಾಗರಿಕ’ ಎಂದು ಹೆಸರಿಟ್ಟಿದ್ದಾರೆ.

ಅಧಿಕಾರಿಗಳಿಗೆ ದೂರು ಕೊಡಲು ಹೋದರೆ, ದೂರಿನ ಪುಸ್ತಕಕ್ಕೇ ಬೀಗ ಹಾಕಿದ್ದರು. ಬೀಗದ ಕೈ ಯಾರ ಬಳಿ ಎಂದು ಕೇಳಿದರೆ, ಅದಕ್ಕೊಂದು ಅರ್ಜಿ ಹಾಕಿ ಎಂದರು!

ಸ್ವಚ್ಛತಾ ಸಪ್ತಾಹದ ದಿನ ಕಸದ ಗಾಡಿಯೇ ಬರಲಿಲ್ಲ; ಕಾರಣ ಕೇಳಿದರೆ, ಗಾಡಿಯ ಚಾಲಕ ಸ್ವಚ್ಛತಾ ಕಾರ್ಯಕ್ರಮದ ಸಮಾರಂಭಕ್ಕೆ ಹೋಗಿದ್ದನಂತೆ!

ಹೀಗೆ ಪ್ರತಿದಿನವೂ ಒಂದಲ್ಲ ಒಂದು ಪ್ರಹಸನ. ವ್ಯವಸ್ಥೆಯ ಮೇಲೆ ಕೋಪ ಬರುವ ಬದಲು ಈಗೀಗ ನಗು ಬರುತ್ತದೆ. ನಗು ಆರೋಗ್ಯಕ್ಕೆ ಒಳ್ಳೆಯದು ಎನ್ನುವುದಾದರೆ, ನಮ್ಮಷ್ಟು ಆರೋಗ್ಯವಂತರು ಬೇರೆ ಯಾರೂ ಇರಲಿಕ್ಕಿಲ್ಲ.

ಹಾಗೆಂದು ಎಲ್ಲವೂ ಕೆಟ್ಟದ್ದಲ್ಲ; ನಗರದ ಕೆಲವು ವಾರ್ಡ್‌ಗಳಲ್ಲಿ ಕೆಲಸ ಚುರುಕಾಗಿದೆ. ಅಂತಹ ಅಧಿಕಾರಿಗಳಿಗೊಂದು ಸಲಾಂ.

ಆದರೂ ಒಂದು ಆಸೆ: ಎಂದಾದರೂ ಒಂದು ದಿನ ಅರ್ಜಿ ಕೊಡುವ ಮೊದಲೇ ಕೆಲಸ ಆಗುವ ಕಾಲ ಬಂದೀತೇ? ಹಾಗಾದರೆ ಆ ದಿನವನ್ನು ನಾವು ಹಬ್ಬವಾಗಿ ಆಚರಿಸುತ್ತೇವೆ — ನಗುತ್ತಲೇ!

ನನ್ನ ಪತ್ರ ಓದಿ ನೀವು ನಕ್ಕಿದ್ದರೆ ಕ್ಷಮಿಸಿ; ಅತ್ತಿದ್ದರೆ ಸಮಾಧಾನ ಮಾಡಿಕೊಳ್ಳಿ. ಎರಡೂ ಅಲ್ಲದ ಸ್ಥಿತಿಯಲ್ಲಿದ್ದರೆ, ನೀವೇ ನಿಜವಾದ ನಾಗರಿಕ!

– ಸೋಮಶೇಖರ ಗೌಡ, ಹಾಸನ

ಶಿಕ್ಷಣದ ಗುಣಮಟ್ಟ ತಗ್ಗಿಸುವ ಆತುರದ ಕ್ರಮ ಬೇಡ

ಕರ್ನಾಟಕ ಎಸ್ಸೆಸ್ಸೆಲ್ಸಿ ಮತ್ತು ಪಿಯುಸಿ ಪರೀಕ್ಷೆಗಳಲ್ಲಿ ಉತ್ತೀರ್ಣತೆಯ ಪ್ರಮಾಣ ಹೆಚ್ಚಿಸಲು ಕೃಪಾಂಕ ನೀಡುವ ಹಾಗೂ ಪಾಸು ಅಂಕ ಇಳಿಸುವ ಪ್ರಸ್ತಾವನೆ ಚರ್ಚೆಯಲ್ಲಿದೆ. ಇದು ಶಿಕ್ಷಣದ ಗುಣಮಟ್ಟವನ್ನು ತಗ್ಗಿಸುವ ಆತುರದ ಕ್ರಮ ಎಂಬುದು ನನ್ನ ಅನಿಸಿಕೆ.

ಪರೀಕ್ಷೆ ಎಂಬುದು ಕಲಿಕೆಯ ಅಳತೆಗೋಲು. ಅಳತೆಗೋಲನ್ನೇ ಮೊಟಕುಗೊಳಿಸಿದರೆ ಫಲಿತಾಂಶದ ಅಂಕಿ-ಅಂಶ ಚಂದ ಕಾಣಬಹುದು; ಆದರೆ ವಿದ್ಯಾರ್ಥಿಯ ಭವಿಷ್ಯ ಮಂಕಾಗುತ್ತದೆ.

ಫಲಿತಾಂಶ ಕಡಿಮೆಯಾದರೆ ಶಾಲೆಗೆ ಕೆಟ್ಟ ಹೆಸರು, ಅಧಿಕಾರಿಗಳಿಗೆ ಮೆಮೊ, ಸರ್ಕಾರಕ್ಕೆ ಟೀಕೆ. ಹೀಗಾಗಿ ಎಲ್ಲರಿಗೂ ಬೇಕಿರುವುದು ಕಾಗದದ ಮೇಲಿನ ಗೆಲುವು. ಮಗು ಏನು ಕಲಿತಿದೆ ಎಂಬ ಪ್ರಶ್ನೆ ಯಾರಿಗೂ ಬೇಡ.

ಹತ್ತನೇ ತರಗತಿಯವರೆಗೂ ಫೇಲ್ ಮಾಡದ ನೀತಿಯ ಫಲವಾಗಿ ಓದಲು-ಬರೆಯಲು ಬಾರದ ಮಕ್ಕಳು ಪ್ರೌಢಶಾಲೆ ತಲುಪುತ್ತಿದ್ದಾರೆ ಎಂಬ ವರದಿಗಳನ್ನು ಗಂಭೀರವಾಗಿ ಪರಿಗಣಿಸಬೇಕು.

ಶೇ 35ರ ಬದಲು ಶೇ 33ಕ್ಕೆ ಪಾಸು ಅಂಕ ಇಳಿಸಿದ ಮಾತ್ರಕ್ಕೆ ಮಕ್ಕಳ ಕಲಿಕೆ ಸುಧಾರಿಸುವುದಿಲ್ಲ. ಅದು ಕೇವಲ ಅಂಕಪಟ್ಟಿಯ ಅಲಂಕಾರ. ನಿಜವಾದ ಸುಧಾರಣೆ ಆಗಬೇಕಿರುವುದು ತರಗತಿ ಕೋಣೆಯಲ್ಲಿ.

ಶಿಕ್ಷಕರ ಕೊರತೆ, ಮೂಲಸೌಕರ್ಯದ ಕೊರತೆ, ತರಬೇತಿಯ ಕೊರತೆ — ಇವುಗಳನ್ನು ನೀಗಿಸದೆ ಫಲಿತಾಂಶ ಹೆಚ್ಚಿಸುವ ಒತ್ತಡ ಹೇರುವುದು ರೋಗ ಬಿಟ್ಟು ಥರ್ಮಾಮೀಟರ್ ಸರಿಪಡಿಸಿದಂತೆ.

ಖಾಸಗಿ ಶಾಲೆಗಳ ಪೈಪೋಟಿಗೆ ಸರ್ಕಾರಿ ಶಾಲೆಗಳನ್ನು ಸಜ್ಜುಗೊಳಿಸಲು ಬೇಕಿರುವುದು ಕೃಪಾಂಕವಲ್ಲ; ಗುಣಮಟ್ಟದ ಬೋಧನೆ. ಉತ್ತಮ ಶಿಕ್ಷಕ ಒಂದು ತಲೆಮಾರನ್ನೇ ಬದಲಿಸಬಲ್ಲ.

ಪೋಷಕರೂ ಅಂಕಗಳ ಹಿಂದೆ ಓಡುವ ಬದಲು ಮಕ್ಕಳ ಗ್ರಹಿಕೆಯತ್ತ ಗಮನ ಕೊಡಬೇಕು.

ಇಂದು ಶೇ 90 ಅಂಕ ಪಡೆದ ವಿದ್ಯಾರ್ಥಿಗೂ ಸರಳ ಪತ್ರ ಬರೆಯಲು ಬಾರದ ಉದಾಹರಣೆಗಳಿವೆ. ಅಂಕ ಮತ್ತು ಅರಿವಿನ ನಡುವಿನ ಈ ಕಂದಕವನ್ನು ಮುಚ್ಚುವುದೇ ಶಿಕ್ಷಣ ಇಲಾಖೆಯ ಆದ್ಯತೆ ಆಗಬೇಕು.

ಕೃಪಾಂಕದ ಕೃಪೆಯಲ್ಲಿ ಪಾಸಾದ ವಿದ್ಯಾರ್ಥಿ ಮುಂದಿನ ತರಗತಿಯಲ್ಲಿ ಇನ್ನಷ್ಟು ಹಿಂದೆ ಬೀಳುತ್ತಾನೆ. ಇದು ಅವನಿಗೆ ಮಾಡುವ ಉಪಕಾರವಲ್ಲ, ಅಪಕಾರ.

ಎಸ್ಸೆಸ್ಸೆಲ್ಸಿ ಫಲಿತಾಂಶ ಶೇ 100 ಆಗಬೇಕೆಂಬ ಗುರಿ ತಪ್ಪಲ್ಲ; ಆದರೆ ಅದಕ್ಕೆ ಆಯ್ದ ದಾರಿ ಸರಿಯಿರಬೇಕು.

ಮೌಲ್ಯಮಾಪನವನ್ನು ಸಡಿಲಗೊಳಿಸಿದಷ್ಟೂ ಪದವಿಯ ಬೆಲೆ ಕುಸಿಯುತ್ತದೆ; ಕೊನೆಗೆ ಉದ್ಯೋಗದ ಮಾರುಕಟ್ಟೆಯಲ್ಲಿ ನಮ್ಮ ಮಕ್ಕಳೇ ಹಿಂದೆ ಬೀಳುತ್ತಾರೆ.

ಫಲಿತಾಂಶದ ಶೇಕಡಾವಾರು ಲೆಕ್ಕಕ್ಕಿಂತ ಕಲಿಕೆಯ ಗುಣಮಟ್ಟದ ಬಗ್ಗೆ ಸರ್ಕಾರ ಗಮನ ಹರಿಸಲಿ. ಶಿಕ್ಷಕರ ನೇಮಕಾತಿ, ನಿರಂತರ ತರಬೇತಿ, ಗ್ರಂಥಾಲಯ-ಪ್ರಯೋಗಾಲಯಗಳ ಬಲವರ್ಧನೆ ಇಂದಿನ ತುರ್ತು.

ಶಿಕ್ಷಣ ತಜ್ಞರು, ಶಿಕ್ಷಕರು, ಪೋಷಕರ ಅಭಿಪ್ರಾಯ ಪಡೆದು ಸಮಗ್ರ ಚಿಂತನೆ ನಡೆಸಿದ ಬಳಿಕವಷ್ಟೇ ಇಂತಹ ಮಹತ್ವದ ತೀರ್ಮಾನ ಕೈಗೊಳ್ಳಬೇಕು.

ಮಕ್ಕಳ ಭವಿಷ್ಯದ ಜೊತೆ ಆಟವಾಡುವ ಆತುರದ ತೀರ್ಮಾನಗಳನ್ನು ಕೈಬಿಟ್ಟು, ದೂರದೃಷ್ಟಿಯ ಶಿಕ್ಷಣ ನೀತಿಯನ್ನು ಜಾರಿಗೊಳಿಸಲಿ ಎಂಬುದು ಪೋಷಕರೆಲ್ಲರ ಆಗ್ರಹ.

– ಹೊಸಮನಿ ರತ್ನಾಕರ ಶೆಟ್ಟಿ, ಮೂಲ್ಕಿ
